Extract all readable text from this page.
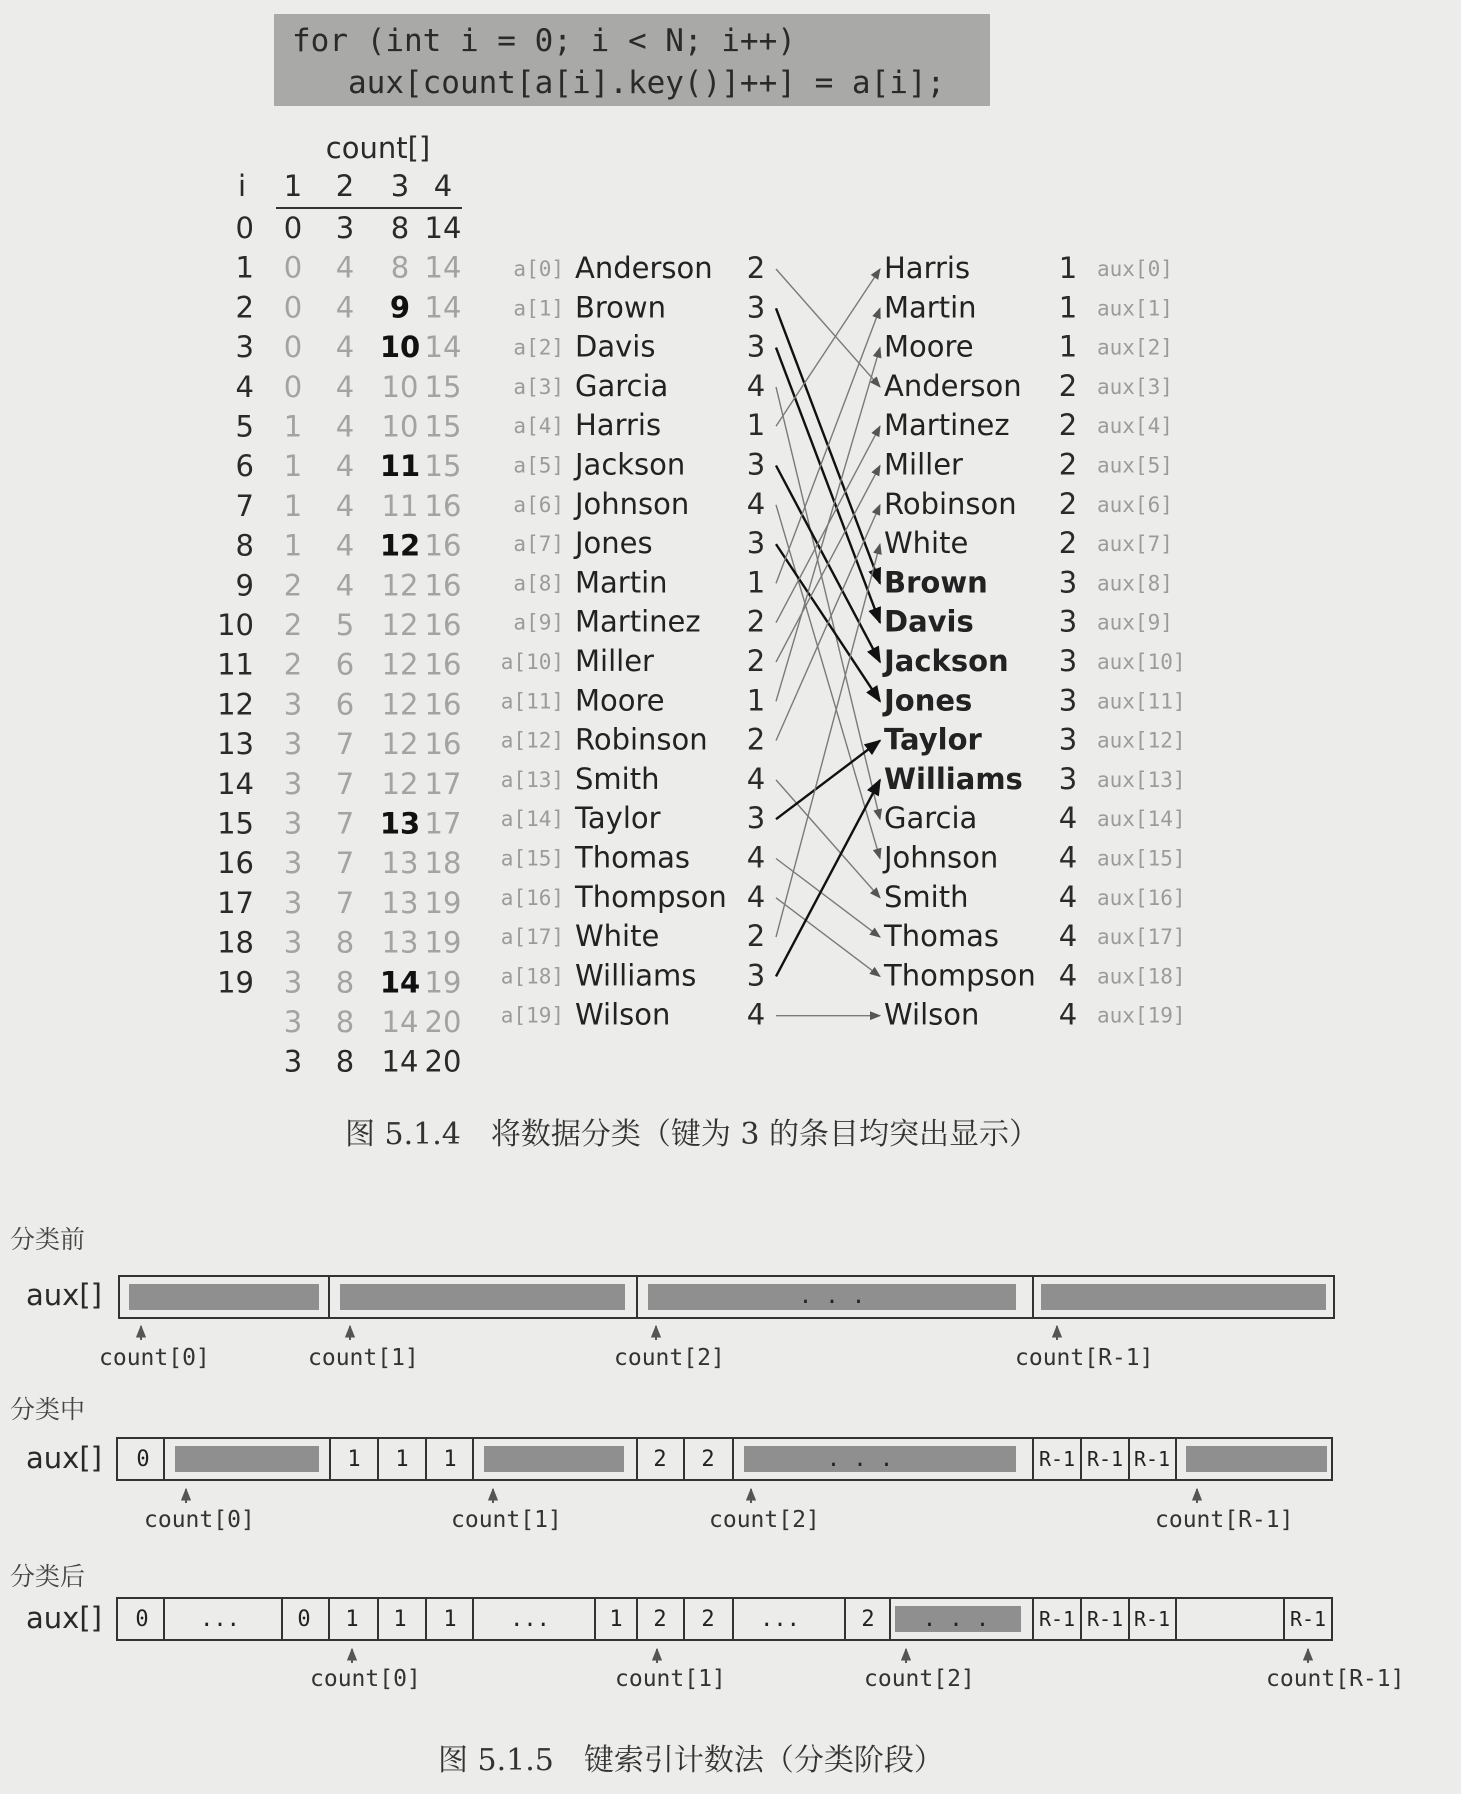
for (int i = 0; i < N; i++)
aux[count[a[i].key()]++] = a[i];
count[]
i 1 2 3 4
0 0 3 8 14
1 0 4 8 14
2 0 4 9 14
3 0 4 10 14
4 0 4 10 15
5 1 4 10 15
6 1 4 11 15
7 1 4 11 16
8 1 4 12 16
9 2 4 12 16
10 2 5 12 16
11 2 6 12 16
12 3 6 12 16
13 3 7 12 16
14 3 7 12 17
15 3 7 13 17
16 3 7 13 18
17 3 7 13 19
18 3 8 13 19
19 3 8 14 19
3 8 14 20
3 8 14 20
a[0] Anderson 2
a[1] Brown	3
a[2] Davis	3
a[3] Garcia	4
a[4] Harris	1
a[5] Jackson 3
a[6] Johnson 4
a[7] Jones	3
a[8] Martin	1
a[9] Martinez 2
a[10] Miller	2
a[11] Moore	1
a[12] Robinson 2
a[13] Smith	4
a[14] Taylor	3
a[15] Thomas 4
a[16] Thompson 4
a[17] White	2
a[18] Williams 3
a[19] Wilson	4
Harris	1 aux[0]
Martin	1 aux[1]
Moore	1 aux[2]
Anderson 2 aux[3]
Martinez 2 aux[4]
Miller	2 aux[5]
Robinson 2 aux[6]
White	2 aux[7]
Brown 3 aux[8]
Davis	3 aux[9]
Jackson 3 aux[10]
Jones	3 aux[11]
Taylor	3 aux[12]
Williams 3 aux[13]
Garcia	4 aux[14]
Johnson 4 aux[15]
Smith	4 aux[16]
Thomas 4 aux[17]
Thompson 4 aux[18]
Wilson	4 aux[19]
图 5.1.4　将数据分类（键为 3 的条目均突出显示）
分类前
aux[]	. . .
count[0]	count[1]	count[2]	count[R-1]
分类中
aux[] 0	1 1 1	2 2	R-1 R-1 R-1
. . .
count[0]	count[1]	count[2]	count[R-1]
分类后
aux[] 0 ...	0 1 1 1 ...	1 2 2 ...	2 . . . R-1 R-1 R-1	R-1
count[0]	count[1]	count[2]	count[R-1]
图 5.1.5　键索引计数法（分类阶段）
